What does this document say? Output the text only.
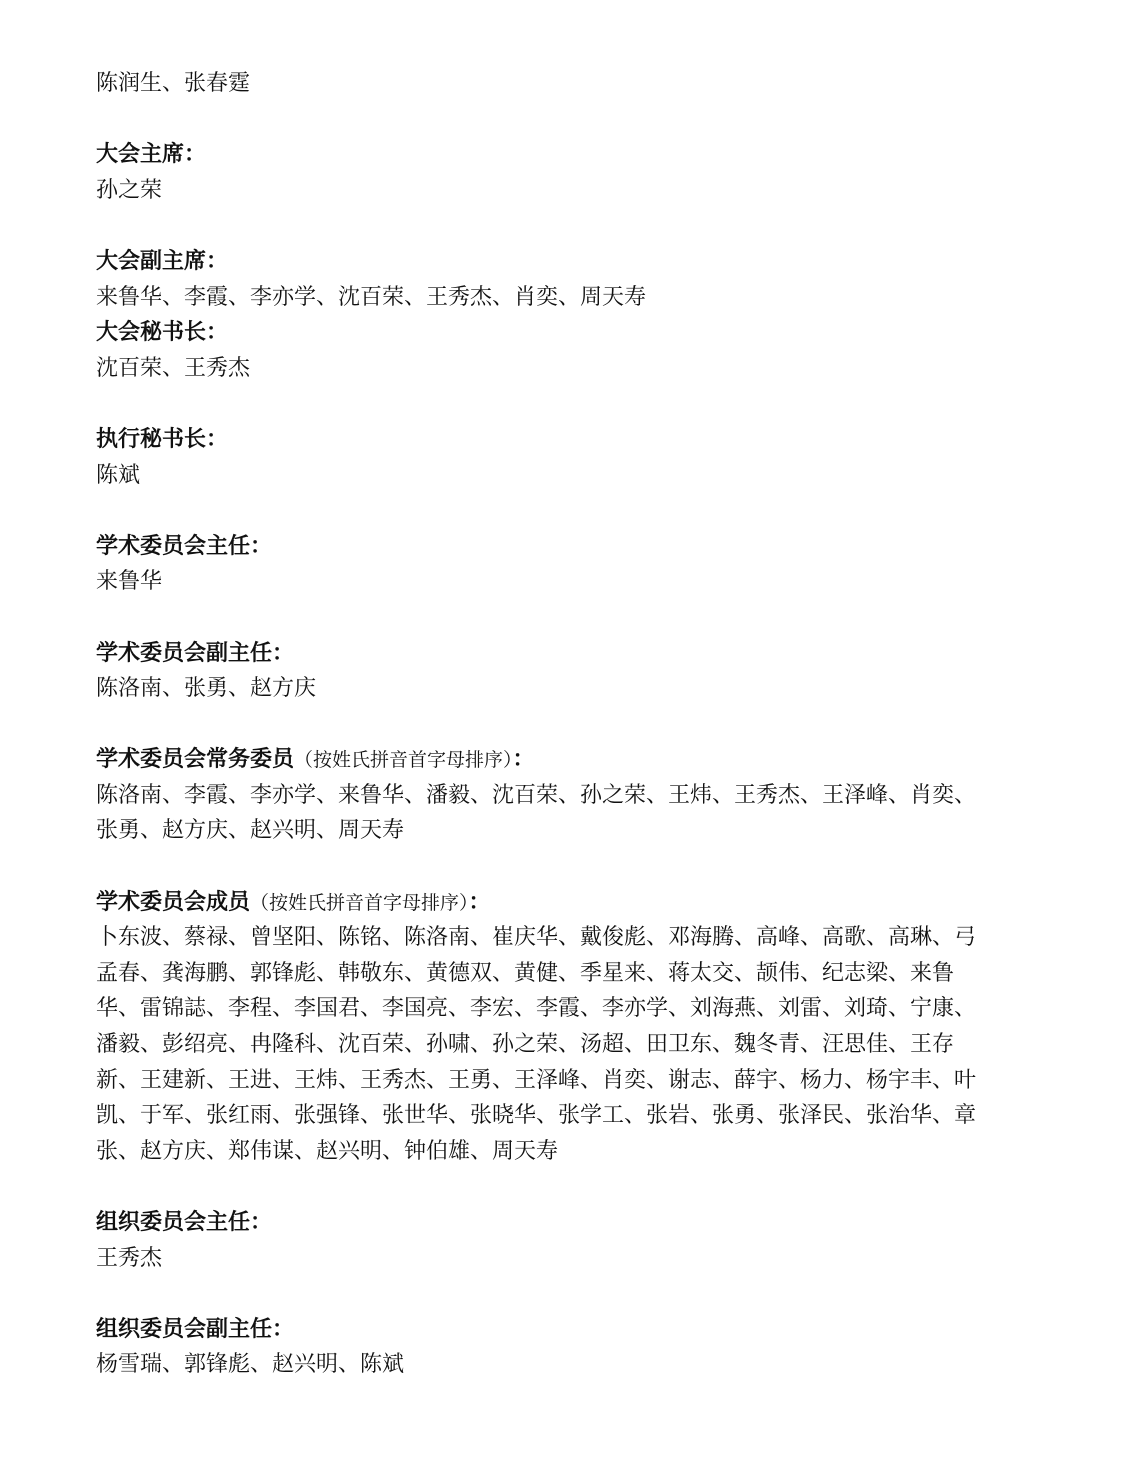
陈润生、张春霆
大会主席：
孙之荣
大会副主席：
来鲁华、李霞、李亦学、沈百荣、王秀杰、肖奕、周天寿
大会秘书长：
沈百荣、王秀杰
执行秘书长：
陈斌
学术委员会主任：
来鲁华
学术委员会副主任：
陈洛南、张勇、赵方庆
学术委员会常务委员（按姓氏拼音首字母排序）：
陈洛南、李霞、李亦学、来鲁华、潘毅、沈百荣、孙之荣、王炜、王秀杰、王泽峰、肖奕、
张勇、赵方庆、赵兴明、周天寿
学术委员会成员（按姓氏拼音首字母排序）：
卜东波、蔡禄、曾坚阳、陈铭、陈洛南、崔庆华、戴俊彪、邓海腾、高峰、高歌、高琳、弓
孟春、龚海鹏、郭锋彪、韩敬东、黄德双、黄健、季星来、蒋太交、颉伟、纪志梁、来鲁
华、雷锦誌、李程、李国君、李国亮、李宏、李霞、李亦学、刘海燕、刘雷、刘琦、宁康、
潘毅、彭绍亮、冉隆科、沈百荣、孙啸、孙之荣、汤超、田卫东、魏冬青、汪思佳、王存
新、王建新、王进、王炜、王秀杰、王勇、王泽峰、肖奕、谢志、薛宇、杨力、杨宇丰、叶
凯、于军、张红雨、张强锋、张世华、张晓华、张学工、张岩、张勇、张泽民、张治华、章
张、赵方庆、郑伟谋、赵兴明、钟伯雄、周天寿
组织委员会主任：
王秀杰
组织委员会副主任：
杨雪瑞、郭锋彪、赵兴明、陈斌
